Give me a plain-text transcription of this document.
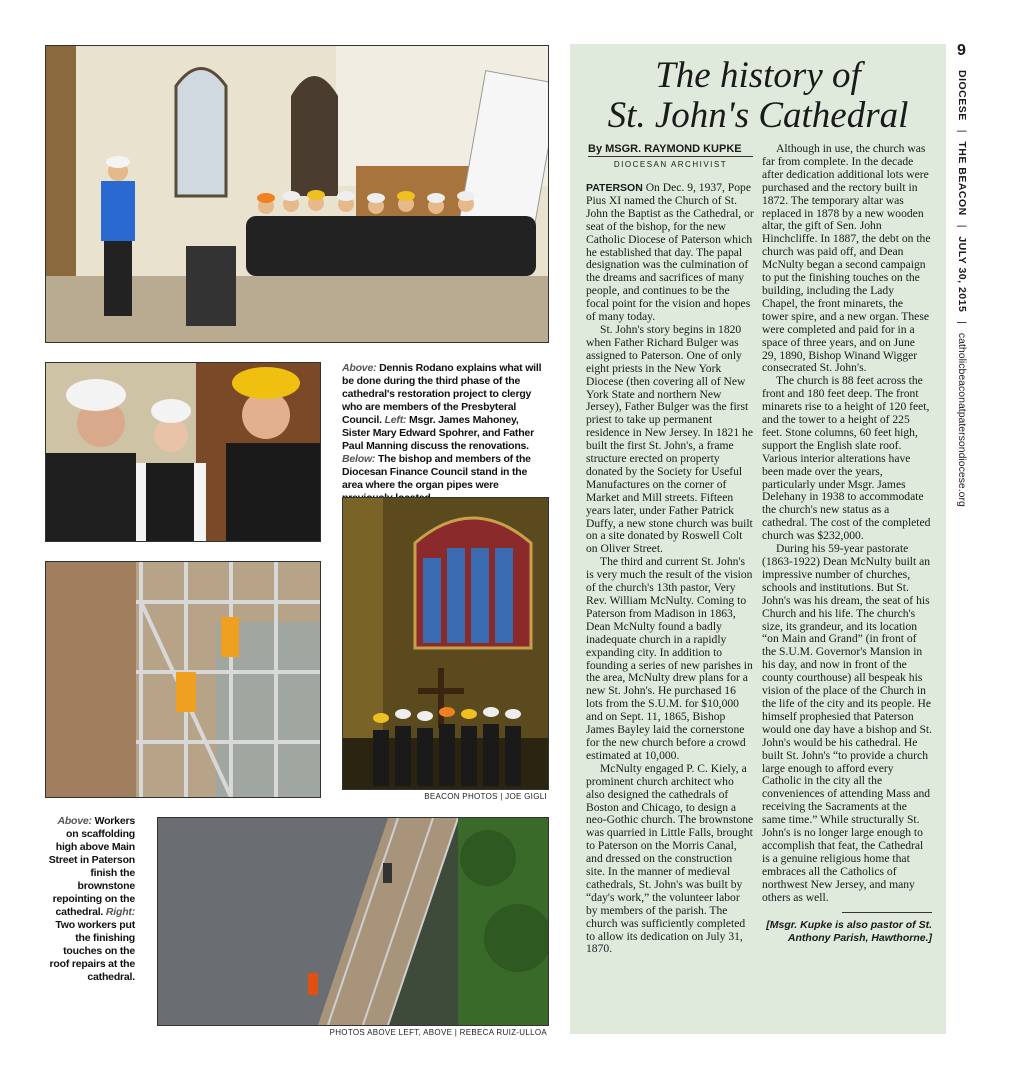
Above: Dennis Rodano explains what will be done during the third phase of the cathedral's restoration project to clergy who are members of the Presbyteral Council. Left: Msgr. James Mahoney, Sister Mary Edward Spohrer, and Father Paul Manning discuss the renovations. Below: The bishop and members of the Diocesan Finance Council stand in the area where the organ pipes were
BEACON PHOTOS | JOE GIGLI
Above: Workers on scaffolding high above Main Street in Paterson finish the brownstone repointing on the cathedral. Right: Two workers put the finishing touches on the roof repairs at the cathedral.
PHOTOS ABOVE LEFT, ABOVE | REBECA RUIZ-ULLOA
The history of
St. John's Cathedral
By MSGR. RAYMOND KUPKE
DIOCESAN ARCHIVIST

PATERSON On Dec. 9, 1937, Pope Pius XI named the Church of St. John the Baptist as the Cathedral, or seat of the bishop, for the new Catholic Diocese of Paterson which he established that day. The papal designation was the culmination of the dreams and sacrifices of many people, and continues to be the focal point for the vision and hopes of many today.

St. John's story begins in 1820 when Father Richard Bulger was assigned to Paterson. One of only eight priests in the New York Diocese (then covering all of New York State and northern New Jersey), Father Bulger was the first priest to take up permanent residence in New Jersey. In 1821 he built the first St. John's, a frame structure erected on property donated by the Society for Useful Manufactures on the corner of Market and Mill streets. Fifteen years later, under Father Patrick Duffy, a new stone church was built on a site donated by Roswell Colt on Oliver Street.

The third and current St. John's is very much the result of the vision of the church's 13th pastor, Very Rev. William McNulty. Coming to Paterson from Madison in 1863, Dean McNulty found a badly inadequate church in a rapidly expanding city. In addition to founding a series of new parishes in the area, McNulty drew plans for a new St. John's. He purchased 16 lots from the S.U.M. for $10,000 and on Sept. 11, 1865, Bishop James Bayley laid the cornerstone for the new church before a crowd estimated at 10,000.

McNulty engaged P. C. Kiely, a prominent church architect who also designed the cathedrals of Boston and Chicago, to design a neo-Gothic church. The brownstone was quarried in Little Falls, brought to Paterson on the Morris Canal, and dressed on the construction site. In the manner of medieval cathedrals, St. John's was built by “day's work,” the volunteer labor by members of the parish. The church was sufficiently completed to allow its dedication on July 31, 1870.

Although in use, the church was far from complete. In the decade after dedication additional lots were purchased and the rectory built in 1872. The temporary altar was replaced in 1878 by a new wooden altar, the gift of Sen. John Hinchcliffe. In 1887, the debt on the church was paid off, and Dean McNulty began a second campaign to put the finishing touches on the building, including the Lady Chapel, the front minarets, the tower spire, and a new organ. These were completed and paid for in a space of three years, and on June 29, 1890, Bishop Winand Wigger consecrated St. John's.

The church is 88 feet across the front and 180 feet deep. The front minarets rise to a height of 120 feet, and the tower to a height of 225 feet. Stone columns, 60 feet high, support the English slate roof. Various interior alterations have been made over the years, particularly under Msgr. James Delehany in 1938 to accommodate the church's new status as a cathedral. The cost of the completed church was $232,000.

During his 59-year pastorate (1863-1922) Dean McNulty built an impressive number of churches, schools and institutions. But St. John's was his dream, the seat of his Church and his life. The church's size, its grandeur, and its location “on Main and Grand” (in front of the S.U.M. Governor's Mansion in his day, and now in front of the county courthouse) all bespeak his vision of the place of the Church in the life of the city and its people. He himself prophesied that Paterson would one day have a bishop and St. John's would be his cathedral. He built St. John's “to provide a church large enough to afford every Catholic in the city all the conveniences of attending Mass and receiving the Sacraments at the same time.” While structurally St. John's is no longer large enough to accomplish that feat, the Cathedral is a genuine religious home that embraces all the Catholics of northwest New Jersey, and many others as well.

[Msgr. Kupke is also pastor of St. Anthony Parish, Hawthorne.]
9
DIOCESE | THE BEACON | JULY 30, 2015 | catholicbeaconatpatersondiocese.org
